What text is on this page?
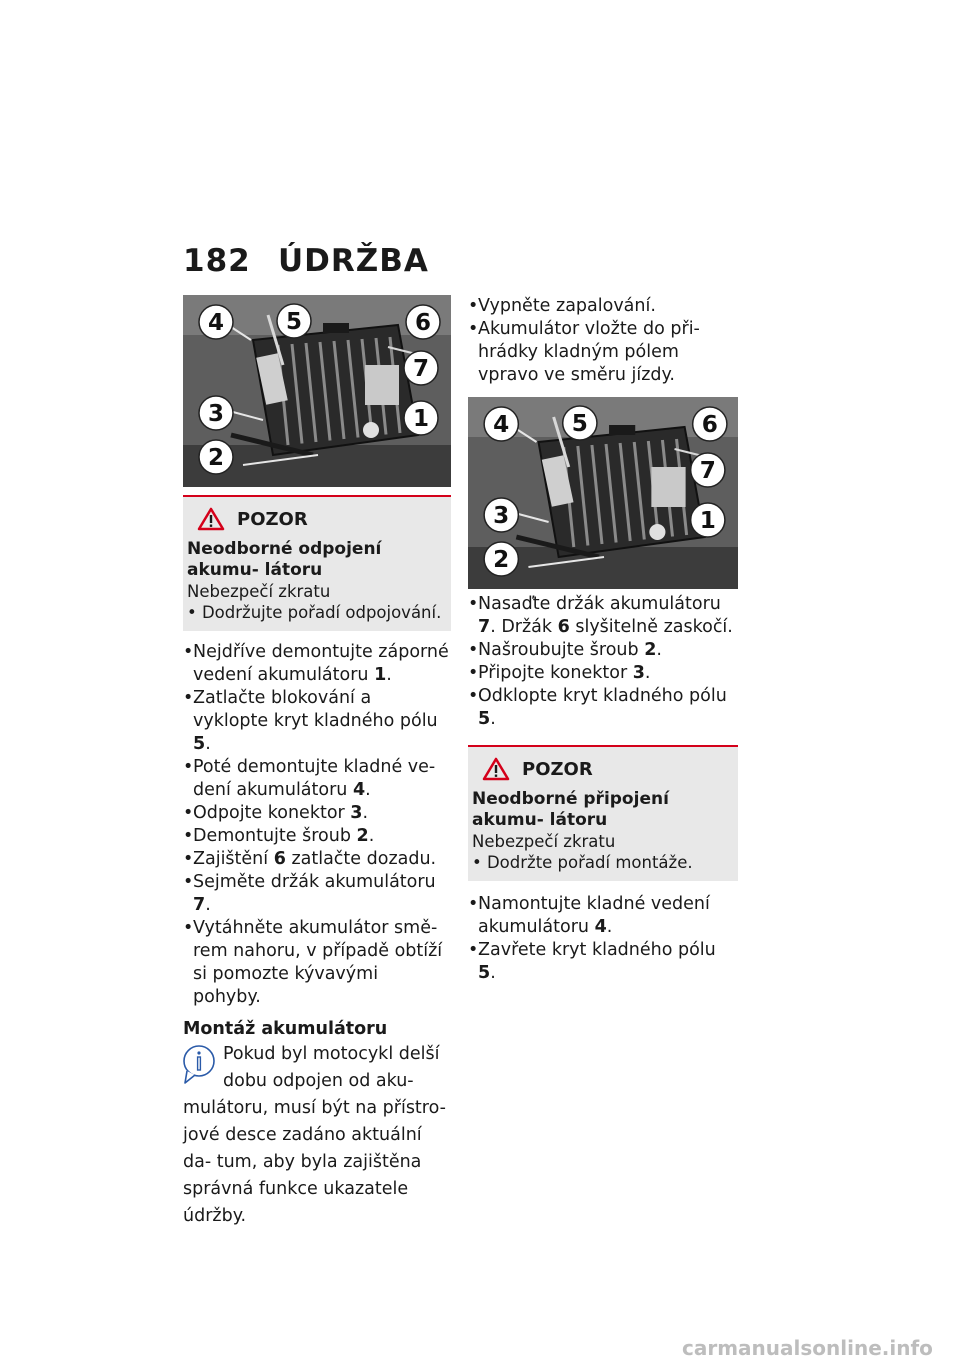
182 ÚDRŽBA
4	5	6
7
3	1
2
POZOR
Neodborné odpojení akumu- látoru
Nebezpečí zkratu
• Dodržujte pořadí odpojování.
• Nejdříve demontujte záporné vedení akumulátoru 1.
• Zatlačte blokování a vyklopte kryt kladného pólu 5.
• Poté demontujte kladné ve- dení akumulátoru 4.
• Odpojte konektor 3.
• Demontujte šroub 2.
• Zajištění 6 zatlačte dozadu.
• Sejměte držák akumulátoru 7.
• Vytáhněte akumulátor smě- rem nahoru, v případě obtíží si pomozte kývavými pohyby.
Montáž akumulátoru
Pokud byl motocykl delší dobu odpojen od aku- mulátoru, musí být na přístro- jové desce zadáno aktuální da- tum, aby byla zajištěna správná funkce ukazatele údržby.
• Vypněte zapalování.
• Akumulátor vložte do při- hrádky kladným pólem vpravo ve směru jízdy.
4	5	6
7
3	1
2
• Nasaďte držák akumulátoru 7. Držák 6 slyšitelně zaskočí.
• Našroubujte šroub 2.
• Připojte konektor 3.
• Odklopte kryt kladného pólu 5.
POZOR
Neodborné připojení akumu- látoru
Nebezpečí zkratu
• Dodržte pořadí montáže.
• Namontujte kladné vedení akumulátoru 4.
• Zavřete kryt kladného pólu 5.
carmanualsonline.info
